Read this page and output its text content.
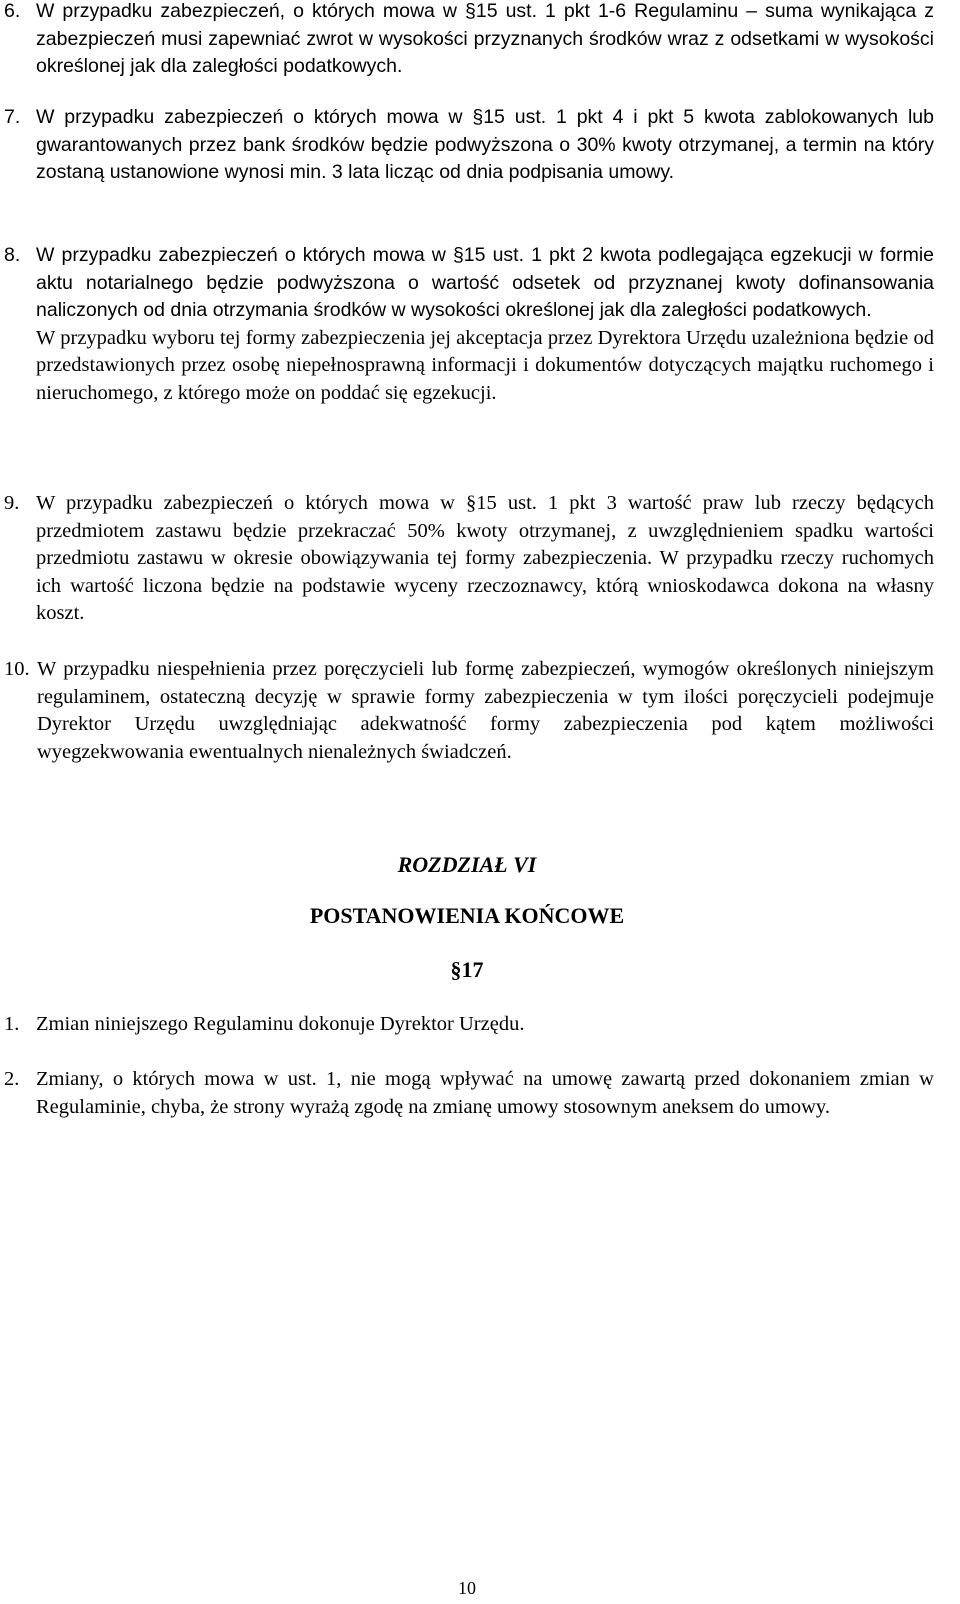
6. W przypadku zabezpieczeń, o których mowa w §15 ust. 1 pkt 1-6 Regulaminu – suma wynikająca z zabezpieczeń musi zapewniać zwrot w wysokości przyznanych środków wraz z odsetkami w wysokości określonej jak dla zaległości podatkowych.
7. W przypadku zabezpieczeń o których mowa w §15 ust. 1 pkt 4 i pkt 5 kwota zablokowanych lub gwarantowanych przez bank środków będzie podwyższona o 30% kwoty otrzymanej, a termin na który zostaną ustanowione wynosi min. 3 lata licząc od dnia podpisania umowy.
8. W przypadku zabezpieczeń o których mowa w §15 ust. 1 pkt 2 kwota podlegająca egzekucji w formie aktu notarialnego będzie podwyższona o wartość odsetek od przyznanej kwoty dofinansowania naliczonych od dnia otrzymania środków w wysokości określonej jak dla zaległości podatkowych.
W przypadku wyboru tej formy zabezpieczenia jej akceptacja przez Dyrektora Urzędu uzależniona będzie od przedstawionych przez osobę niepełnosprawną informacji i dokumentów dotyczących majątku ruchomego i nieruchomego, z którego może on poddać się egzekucji.
9. W przypadku zabezpieczeń o których mowa w §15 ust. 1 pkt 3 wartość praw lub rzeczy będących przedmiotem zastawu będzie przekraczać 50% kwoty otrzymanej, z uwzględnieniem spadku wartości przedmiotu zastawu w okresie obowiązywania tej formy zabezpieczenia. W przypadku rzeczy ruchomych ich wartość liczona będzie na podstawie wyceny rzeczoznawcy, którą wnioskodawca dokona na własny koszt.
10. W przypadku niespełnienia przez poręczycieli lub formę zabezpieczeń, wymogów określonych niniejszym regulaminem, ostateczną decyzję w sprawie formy zabezpieczenia w tym ilości poręczycieli podejmuje Dyrektor Urzędu uwzględniając adekwatność formy zabezpieczenia pod kątem możliwości wyegzekwowania ewentualnych nienależnych świadczeń.
ROZDZIAŁ VI
POSTANOWIENIA KOŃCOWE
§17
1. Zmian niniejszego Regulaminu dokonuje Dyrektor Urzędu.
2. Zmiany, o których mowa w ust. 1, nie mogą wpływać na umowę zawartą przed dokonaniem zmian w Regulaminie, chyba, że strony wyrażą zgodę na zmianę umowy stosownym aneksem do umowy.
10
